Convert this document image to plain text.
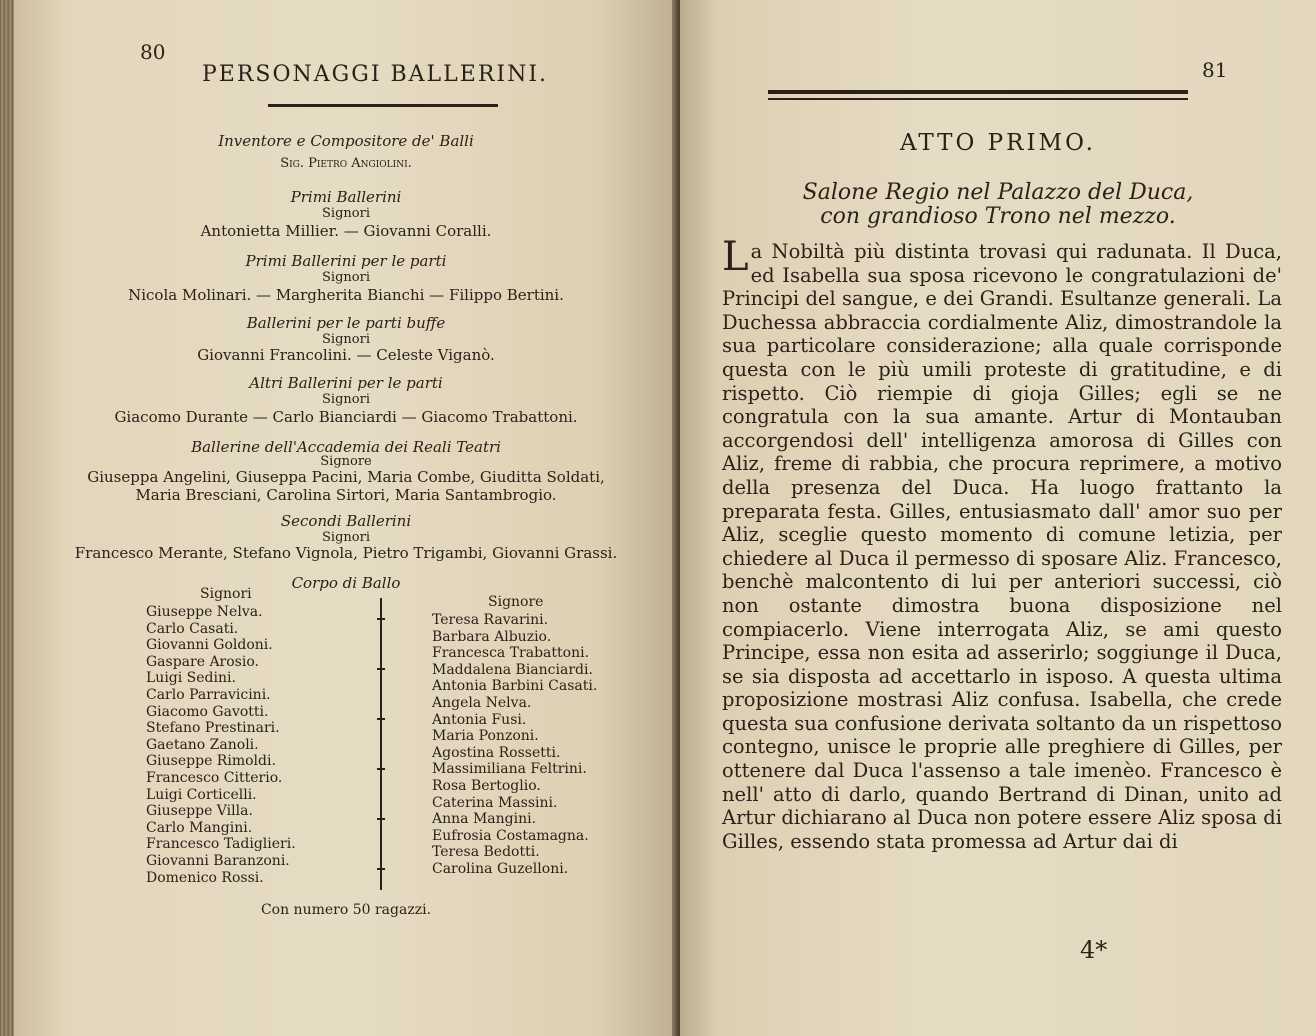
80
PERSONAGGI BALLERINI.
Inventore e Compositore de' Balli
Sig. Pietro Angiolini.
Primi Ballerini
Signori
Antonietta Millier. — Giovanni Coralli.
Primi Ballerini per le parti
Signori
Nicola Molinari. — Margherita Bianchi — Filippo Bertini.
Ballerini per le parti buffe
Signori
Giovanni Francolini. — Celeste Viganò.
Altri Ballerini per le parti
Signori
Giacomo Durante — Carlo Bianciardi — Giacomo Trabattoni.
Ballerine dell'Accademia dei Reali Teatri
Signore
Giuseppa Angelini, Giuseppa Pacini, Maria Combe, Giuditta Soldati,
Maria Bresciani, Carolina Sirtori, Maria Santambrogio.
Secondi Ballerini
Signori
Francesco Merante, Stefano Vignola, Pietro Trigambi, Giovanni Grassi.
Corpo di Ballo
Signori	Signore
Giuseppe Nelva.
Carlo Casati.
Giovanni Goldoni.
Gaspare Arosio.
Luigi Sedini.
Carlo Parravicini.
Giacomo Gavotti.
Stefano Prestinari.
Gaetano Zanoli.
Giuseppe Rimoldi.
Francesco Citterio.
Luigi Corticelli.
Giuseppe Villa.
Carlo Mangini.
Francesco Tadiglieri.
Giovanni Baranzoni.
Domenico Rossi.
Teresa Ravarini.
Barbara Albuzio.
Francesca Trabattoni.
Maddalena Bianciardi.
Antonia Barbini Casati.
Angela Nelva.
Antonia Fusi.
Maria Ponzoni.
Agostina Rossetti.
Massimiliana Feltrini.
Rosa Bertoglio.
Caterina Massini.
Anna Mangini.
Eufrosia Costamagna.
Teresa Bedotti.
Carolina Guzelloni.
Con numero 50 ragazzi.
81
ATTO PRIMO.
Salone Regio nel Palazzo del Duca,
con grandioso Trono nel mezzo.
La Nobiltà più distinta trovasi qui radunata. Il Duca, ed Isabella sua sposa ricevono le congratulazioni de' Principi del sangue, e dei Grandi. Esultanze generali. La Duchessa abbraccia cordialmente Aliz, dimostrandole la sua particolare considerazione; alla quale corrisponde questa con le più umili proteste di gratitudine, e di rispetto. Ciò riempie di gioja Gilles; egli se ne congratula con la sua amante. Artur di Montauban accorgendosi dell' intelligenza amorosa di Gilles con Aliz, freme di rabbia, che procura reprimere, a motivo della presenza del Duca. Ha luogo frattanto la preparata festa. Gilles, entusiasmato dall' amor suo per Aliz, sceglie questo momento di comune letizia, per chiedere al Duca il permesso di sposare Aliz. Francesco, benchè malcontento di lui per anteriori successi, ciò non ostante dimostra buona disposizione nel compiacerlo. Viene interrogata Aliz, se ami questo Principe, essa non esita ad asserirlo; soggiunge il Duca, se sia disposta ad accettarlo in isposo. A questa ultima proposizione mostrasi Aliz confusa. Isabella, che crede questa sua confusione derivata soltanto da un rispettoso contegno, unisce le proprie alle preghiere di Gilles, per ottenere dal Duca l'assenso a tale imenèo. Francesco è nell' atto di darlo, quando Bertrand di Dinan, unito ad Artur dichiarano al Duca non potere essere Aliz sposa di Gilles, essendo stata promessa ad Artur dai di
4*
